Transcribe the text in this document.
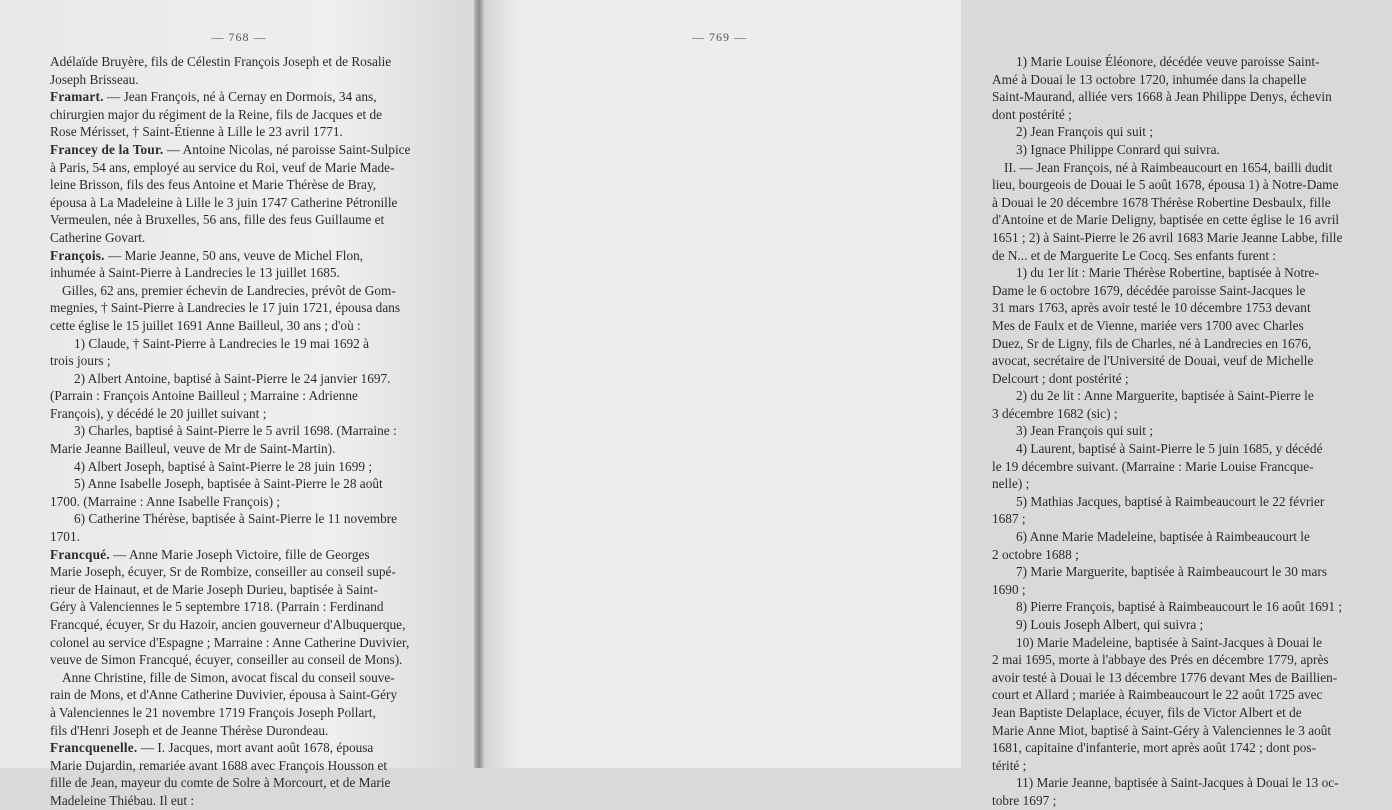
— 768 —
Adélaïde Bruyère, fils de Célestin François Joseph et de Rosalie
Joseph Brisseau.
Framart. — Jean François, né à Cernay en Dormois, 34 ans,
chirurgien major du régiment de la Reine, fils de Jacques et de
Rose Mérisset, † Saint-Étienne à Lille le 23 avril 1771.
Francey de la Tour. — Antoine Nicolas, né paroisse Saint-Sulpice
à Paris, 54 ans, employé au service du Roi, veuf de Marie Made-
leine Brisson, fils des feus Antoine et Marie Thérèse de Bray,
épousa à La Madeleine à Lille le 3 juin 1747 Catherine Pétronille
Vermeulen, née à Bruxelles, 56 ans, fille des feus Guillaume et
Catherine Govart.
François. — Marie Jeanne, 50 ans, veuve de Michel Flon,
inhumée à Saint-Pierre à Landrecies le 13 juillet 1685.
Gilles, 62 ans, premier échevin de Landrecies, prévôt de Gom-
megnies, † Saint-Pierre à Landrecies le 17 juin 1721, épousa dans
cette église le 15 juillet 1691 Anne Bailleul, 30 ans ; d'où :
1) Claude, † Saint-Pierre à Landrecies le 19 mai 1692 à
trois jours ;
2) Albert Antoine, baptisé à Saint-Pierre le 24 janvier 1697.
(Parrain : François Antoine Bailleul ; Marraine : Adrienne
François), y décédé le 20 juillet suivant ;
3) Charles, baptisé à Saint-Pierre le 5 avril 1698. (Marraine :
Marie Jeanne Bailleul, veuve de Mr de Saint-Martin).
4) Albert Joseph, baptisé à Saint-Pierre le 28 juin 1699 ;
5) Anne Isabelle Joseph, baptisée à Saint-Pierre le 28 août
1700. (Marraine : Anne Isabelle François) ;
6) Catherine Thérèse, baptisée à Saint-Pierre le 11 novembre
1701.
Francqué. — Anne Marie Joseph Victoire, fille de Georges
Marie Joseph, écuyer, Sr de Rombize, conseiller au conseil supé-
rieur de Hainaut, et de Marie Joseph Durieu, baptisée à Saint-
Géry à Valenciennes le 5 septembre 1718. (Parrain : Ferdinand
Francqué, écuyer, Sr du Hazoir, ancien gouverneur d'Albuquerque,
colonel au service d'Espagne ; Marraine : Anne Catherine Duvivier,
veuve de Simon Francqué, écuyer, conseiller au conseil de Mons).
Anne Christine, fille de Simon, avocat fiscal du conseil souve-
rain de Mons, et d'Anne Catherine Duvivier, épousa à Saint-Géry
à Valenciennes le 21 novembre 1719 François Joseph Pollart,
fils d'Henri Joseph et de Jeanne Thérèse Durondeau.
Francquenelle. — I. Jacques, mort avant août 1678, épousa
Marie Dujardin, remariée avant 1688 avec François Housson et
fille de Jean, mayeur du comte de Solre à Morcourt, et de Marie
Madeleine Thiébau. Il eut :
— 769 —
1) Marie Louise Éléonore, décédée veuve paroisse Saint-
Amé à Douai le 13 octobre 1720, inhumée dans la chapelle
Saint-Maurand, alliée vers 1668 à Jean Philippe Denys, échevin
dont postérité ;
2) Jean François qui suit ;
3) Ignace Philippe Conrard qui suivra.
II. — Jean François, né à Raimbeaucourt en 1654, bailli dudit
lieu, bourgeois de Douai le 5 août 1678, épousa 1) à Notre-Dame
à Douai le 20 décembre 1678 Thérèse Robertine Desbaulx, fille
d'Antoine et de Marie Deligny, baptisée en cette église le 16 avril
1651 ; 2) à Saint-Pierre le 26 avril 1683 Marie Jeanne Labbe, fille
de N... et de Marguerite Le Cocq. Ses enfants furent :
1) du 1er lit : Marie Thérèse Robertine, baptisée à Notre-
Dame le 6 octobre 1679, décédée paroisse Saint-Jacques le
31 mars 1763, après avoir testé le 10 décembre 1753 devant
Mes de Faulx et de Vienne, mariée vers 1700 avec Charles
Duez, Sr de Ligny, fils de Charles, né à Landrecies en 1676,
avocat, secrétaire de l'Université de Douai, veuf de Michelle
Delcourt ; dont postérité ;
2) du 2e lit : Anne Marguerite, baptisée à Saint-Pierre le
3 décembre 1682 (sic) ;
3) Jean François qui suit ;
4) Laurent, baptisé à Saint-Pierre le 5 juin 1685, y décédé
le 19 décembre suivant. (Marraine : Marie Louise Francque-
nelle) ;
5) Mathias Jacques, baptisé à Raimbeaucourt le 22 février
1687 ;
6) Anne Marie Madeleine, baptisée à Raimbeaucourt le
2 octobre 1688 ;
7) Marie Marguerite, baptisée à Raimbeaucourt le 30 mars
1690 ;
8) Pierre François, baptisé à Raimbeaucourt le 16 août 1691 ;
9) Louis Joseph Albert, qui suivra ;
10) Marie Madeleine, baptisée à Saint-Jacques à Douai le
2 mai 1695, morte à l'abbaye des Prés en décembre 1779, après
avoir testé à Douai le 13 décembre 1776 devant Mes de Baillien-
court et Allard ; mariée à Raimbeaucourt le 22 août 1725 avec
Jean Baptiste Delaplace, écuyer, fils de Victor Albert et de
Marie Anne Miot, baptisé à Saint-Géry à Valenciennes le 3 août
1681, capitaine d'infanterie, mort après août 1742 ; dont pos-
térité ;
11) Marie Jeanne, baptisée à Saint-Jacques à Douai le 13 oc-
tobre 1697 ;
